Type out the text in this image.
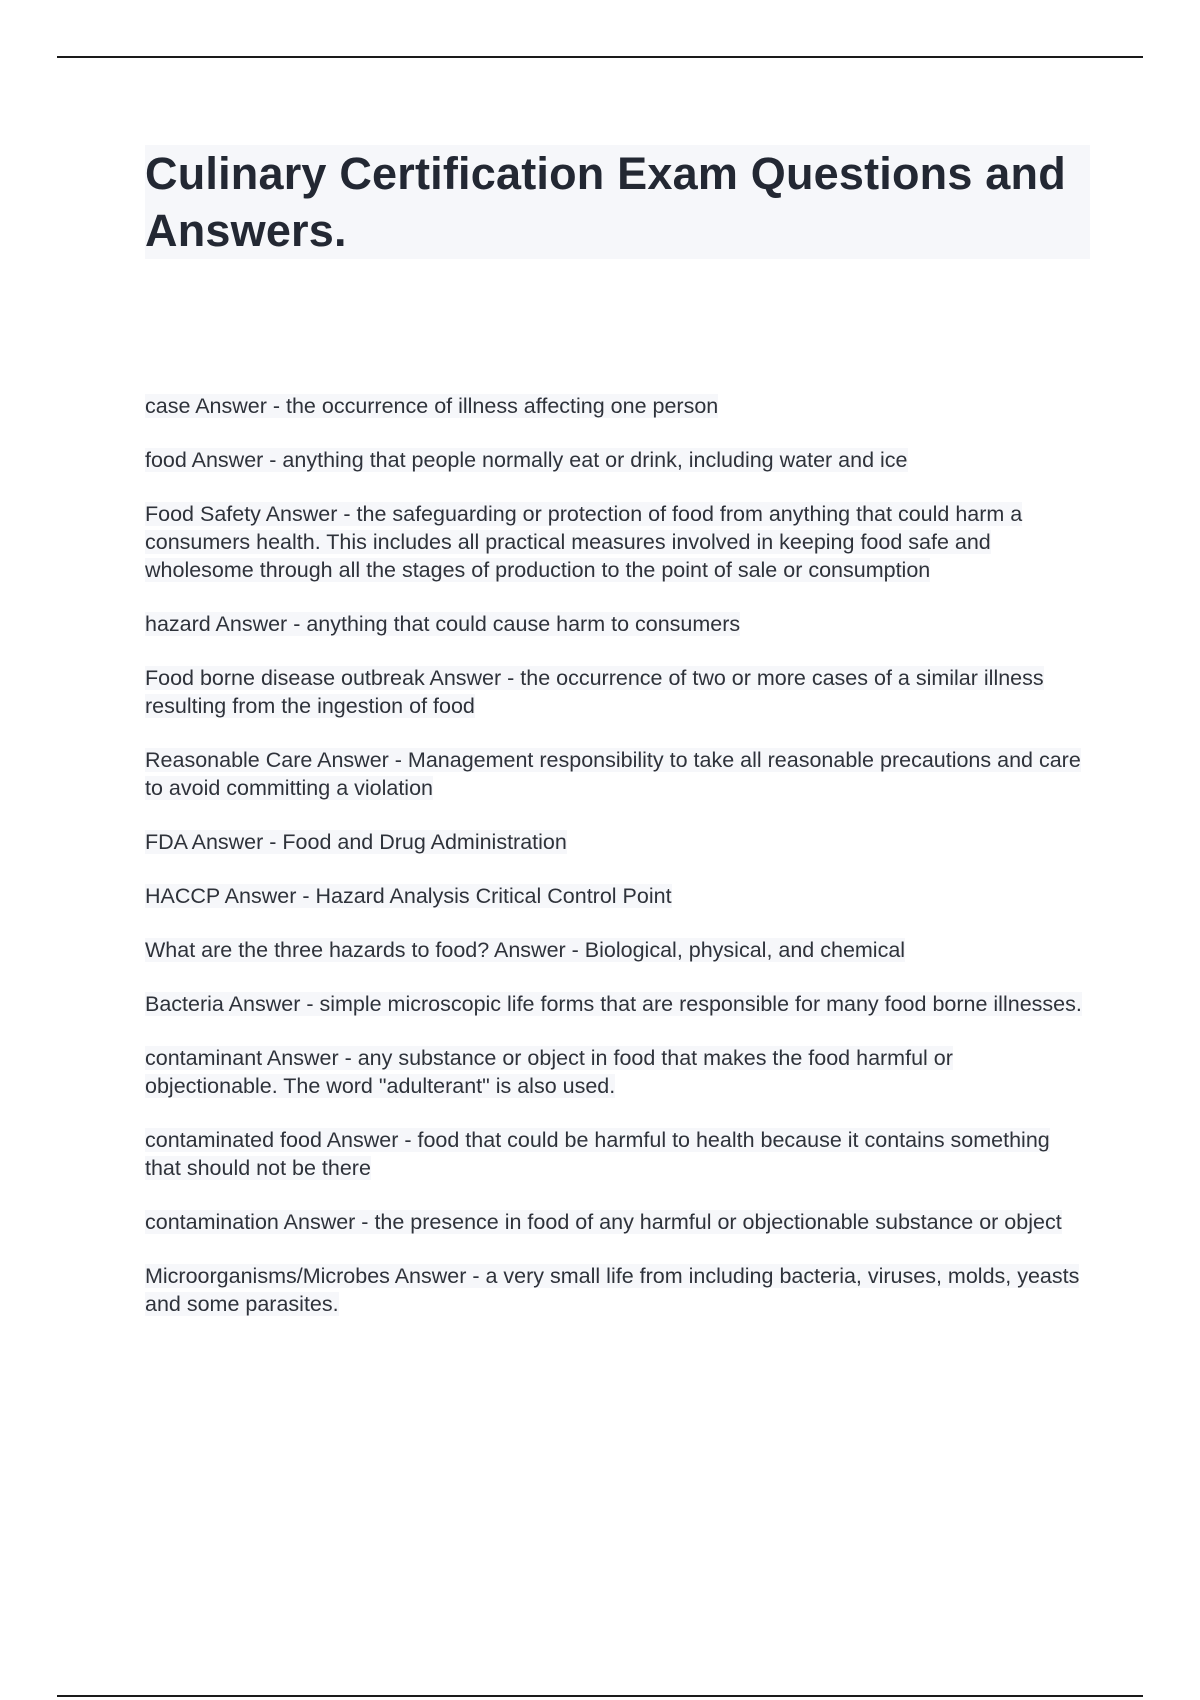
Culinary Certification Exam Questions and Answers.

case Answer - the occurrence of illness affecting one person

food Answer - anything that people normally eat or drink, including water and ice

Food Safety Answer - the safeguarding or protection of food from anything that could harm a consumers health. This includes all practical measures involved in keeping food safe and wholesome through all the stages of production to the point of sale or consumption

hazard Answer - anything that could cause harm to consumers

Food borne disease outbreak Answer - the occurrence of two or more cases of a similar illness resulting from the ingestion of food

Reasonable Care Answer - Management responsibility to take all reasonable precautions and care to avoid committing a violation

FDA Answer - Food and Drug Administration

HACCP Answer - Hazard Analysis Critical Control Point

What are the three hazards to food? Answer - Biological, physical, and chemical

Bacteria Answer - simple microscopic life forms that are responsible for many food borne illnesses.

contaminant Answer - any substance or object in food that makes the food harmful or objectionable. The word "adulterant" is also used.

contaminated food Answer - food that could be harmful to health because it contains something that should not be there

contamination Answer - the presence in food of any harmful or objectionable substance or object

Microorganisms/Microbes Answer - a very small life from including bacteria, viruses, molds, yeasts and some parasites.
